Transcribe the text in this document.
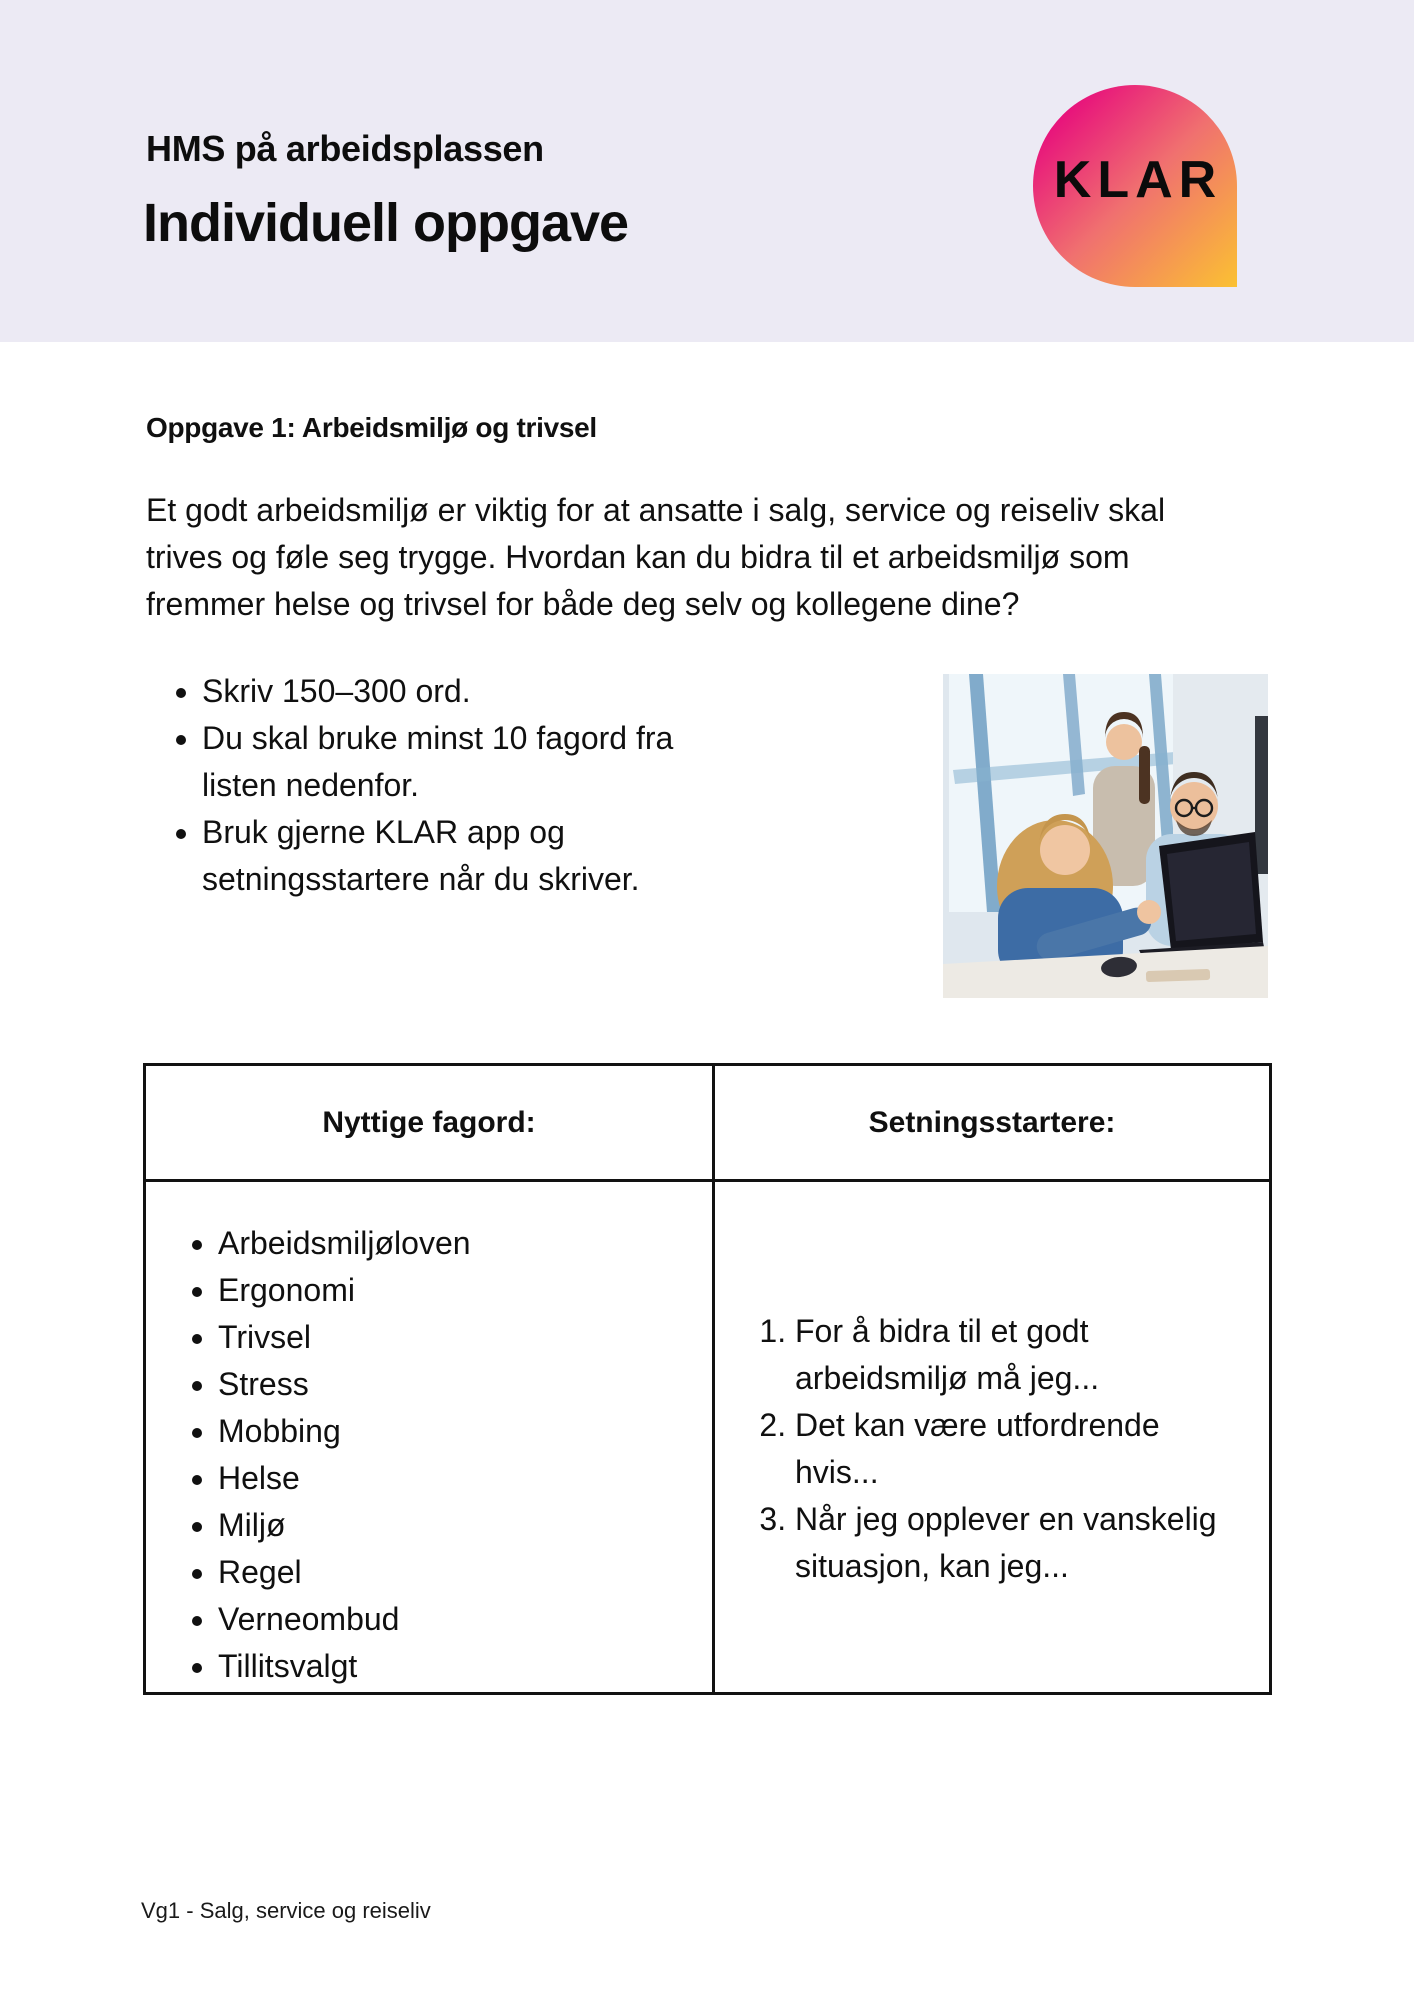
HMS på arbeidsplassen
Individuell oppgave
KLAR
Oppgave 1: Arbeidsmiljø og trivsel
Et godt arbeidsmiljø er viktig for at ansatte i salg, service og reiseliv skal trives og føle seg trygge. Hvordan kan du bidra til et arbeidsmiljø som fremmer helse og trivsel for både deg selv og kollegene dine?
• Skriv 150–300 ord.
• Du skal bruke minst 10 fagord fra listen nedenfor.
• Bruk gjerne KLAR app og setningsstartere når du skriver.
Nyttige fagord:	Setningsstartere:
• Arbeidsmiljøloven
• Ergonomi
• Trivsel
• Stress
• Mobbing
• Helse
• Miljø
• Regel
• Verneombud
• Tillitsvalgt
1. For å bidra til et godt arbeidsmiljø må jeg...
2. Det kan være utfordrende hvis...
3. Når jeg opplever en vanskelig situasjon, kan jeg...
Vg1 - Salg, service og reiseliv
